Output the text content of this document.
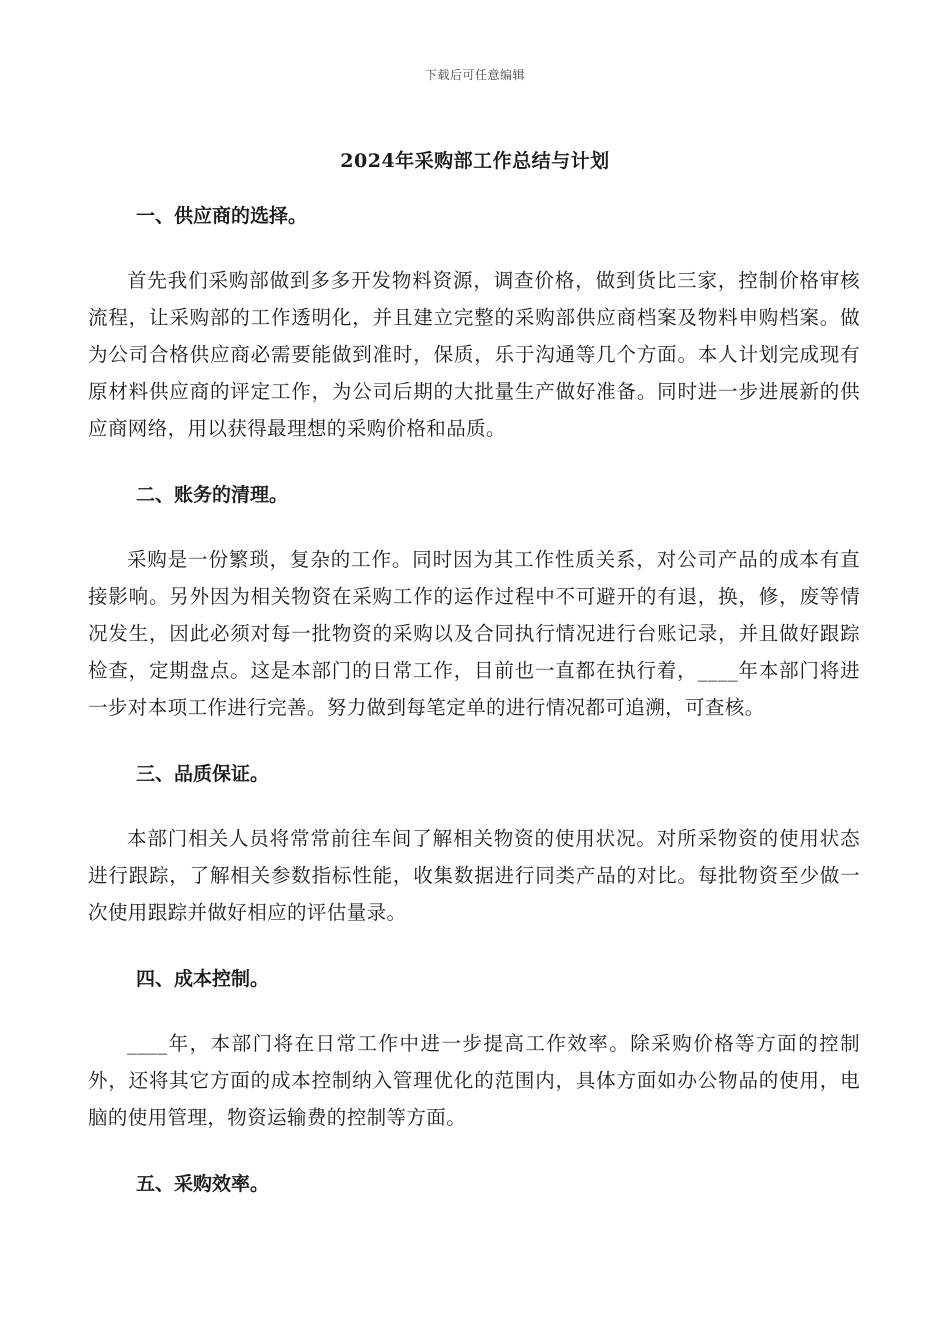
下载后可任意编辑
2024年采购部工作总结与计划
一、供应商的选择。

首先我们采购部做到多多开发物料资源，调查价格，做到货比三家，控制价格审核流程，让采购部的工作透明化，并且建立完整的采购部供应商档案及物料申购档案。做为公司合格供应商必需要能做到准时，保质，乐于沟通等几个方面。本人计划完成现有原材料供应商的评定工作，为公司后期的大批量生产做好准备。同时进一步进展新的供应商网络，用以获得最理想的采购价格和品质。

二、账务的清理。

采购是一份繁琐，复杂的工作。同时因为其工作性质关系，对公司产品的成本有直接影响。另外因为相关物资在采购工作的运作过程中不可避开的有退，换，修，废等情况发生，因此必须对每一批物资的采购以及合同执行情况进行台账记录，并且做好跟踪检查，定期盘点。这是本部门的日常工作，目前也一直都在执行着，____年本部门将进一步对本项工作进行完善。努力做到每笔定单的进行情况都可追溯，可查核。

三、品质保证。

本部门相关人员将常常前往车间了解相关物资的使用状况。对所采物资的使用状态进行跟踪，了解相关参数指标性能，收集数据进行同类产品的对比。每批物资至少做一次使用跟踪并做好相应的评估量录。

四、成本控制。

____年，本部门将在日常工作中进一步提高工作效率。除采购价格等方面的控制外，还将其它方面的成本控制纳入管理优化的范围内，具体方面如办公物品的使用，电脑的使用管理，物资运输费的控制等方面。

五、采购效率。
